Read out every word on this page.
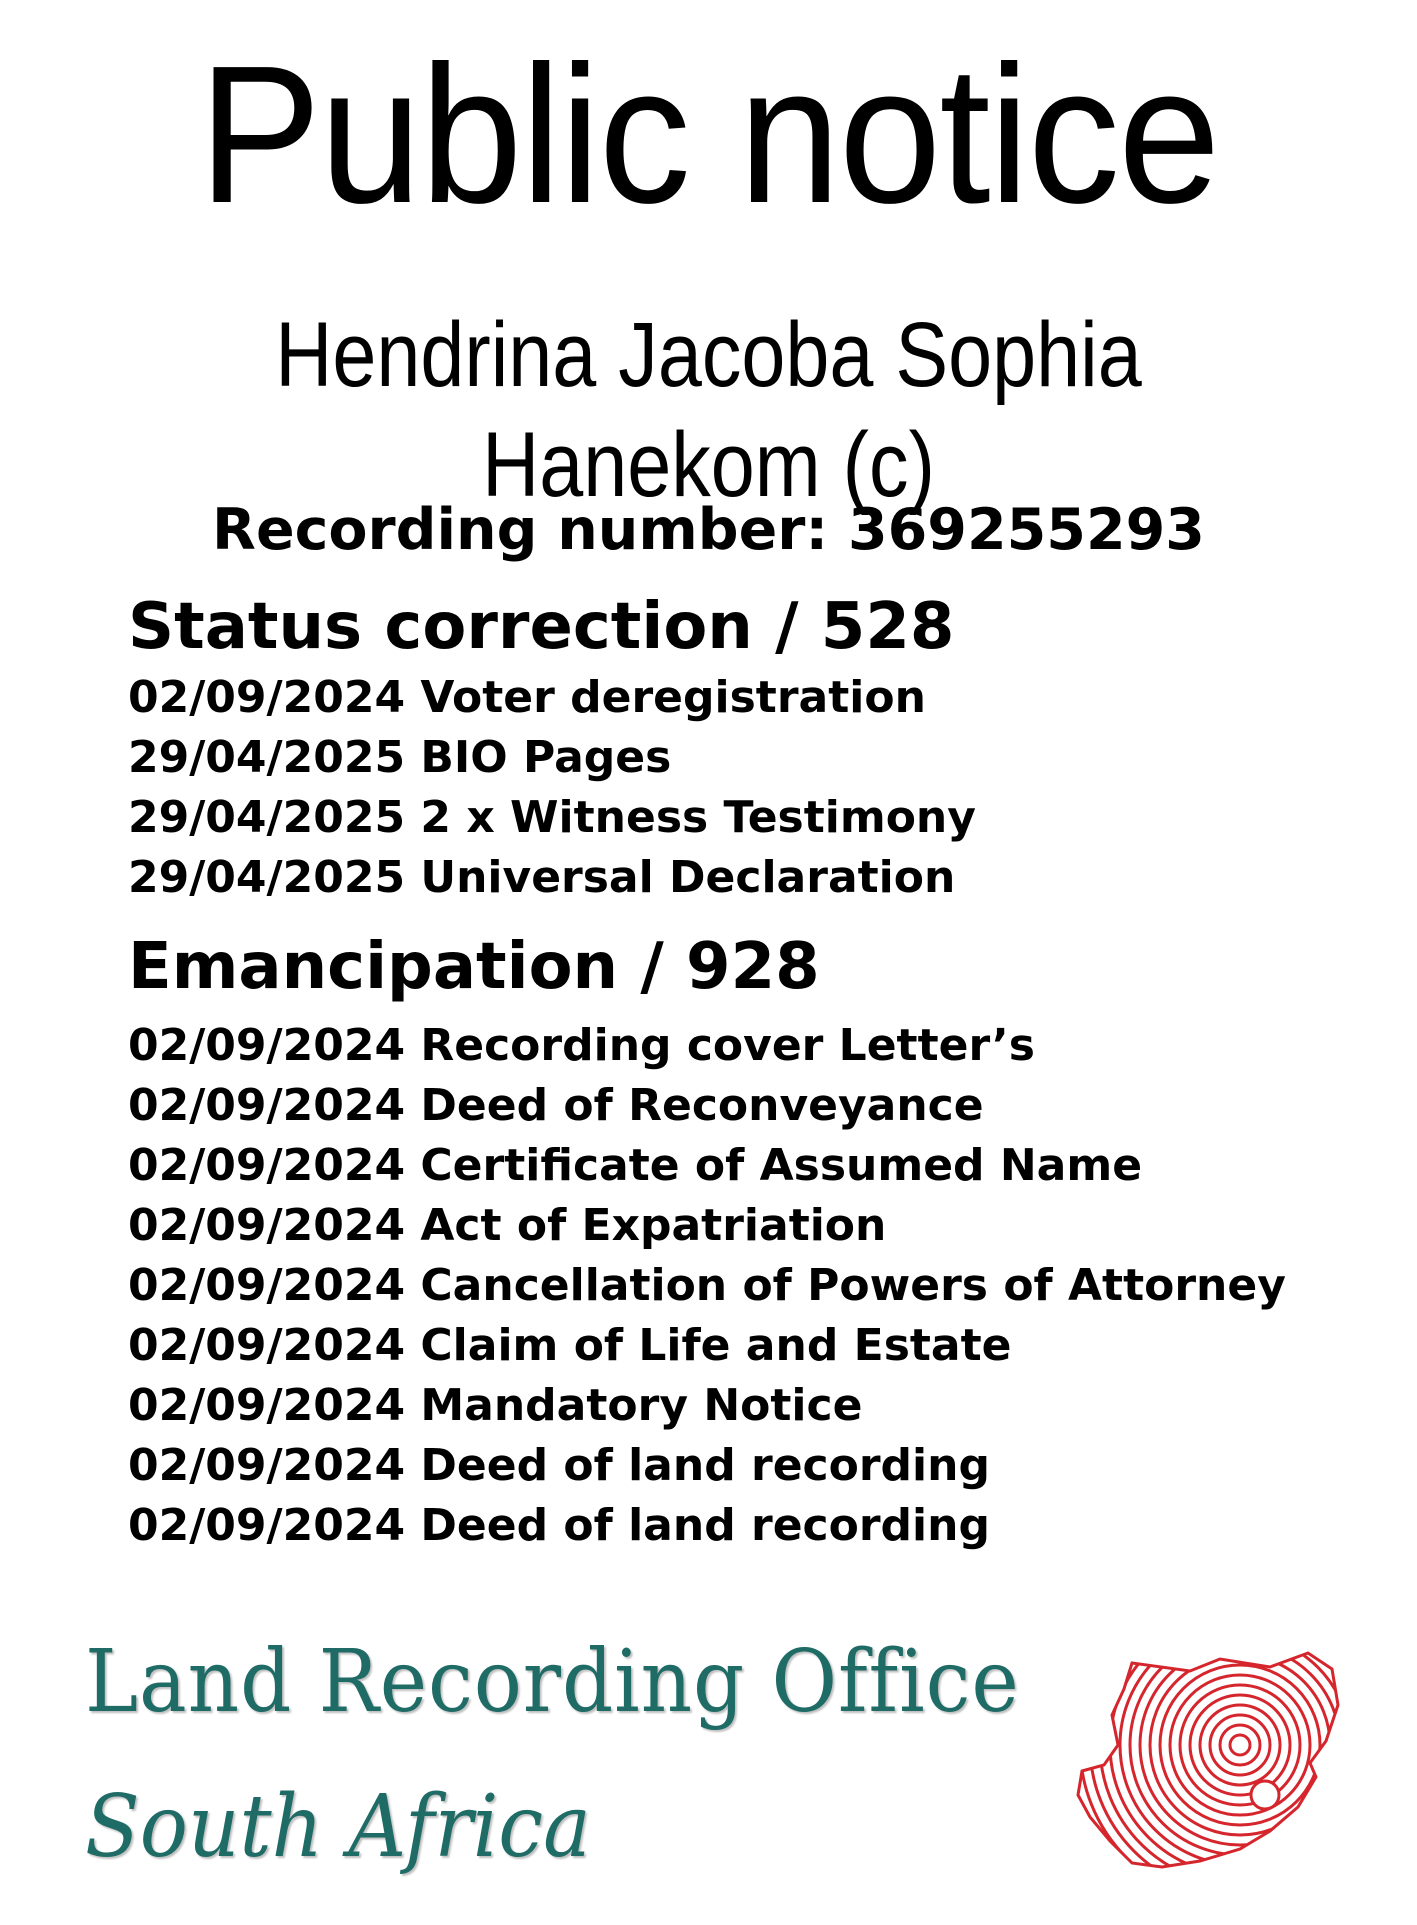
Public notice
Hendrina Jacoba Sophia Hanekom (c)
Recording number: 369255293
Status correction / 528
02/09/2024 Voter deregistration
29/04/2025 BIO Pages
29/04/2025 2 x Witness Testimony
29/04/2025 Universal Declaration
Emancipation / 928
02/09/2024 Recording cover Letter’s
02/09/2024 Deed of Reconveyance
02/09/2024 Certificate of Assumed Name
02/09/2024 Act of Expatriation
02/09/2024 Cancellation of Powers of Attorney
02/09/2024 Claim of Life and Estate
02/09/2024 Mandatory Notice
02/09/2024 Deed of land recording
02/09/2024 Deed of land recording
Land Recording Office
South Africa
